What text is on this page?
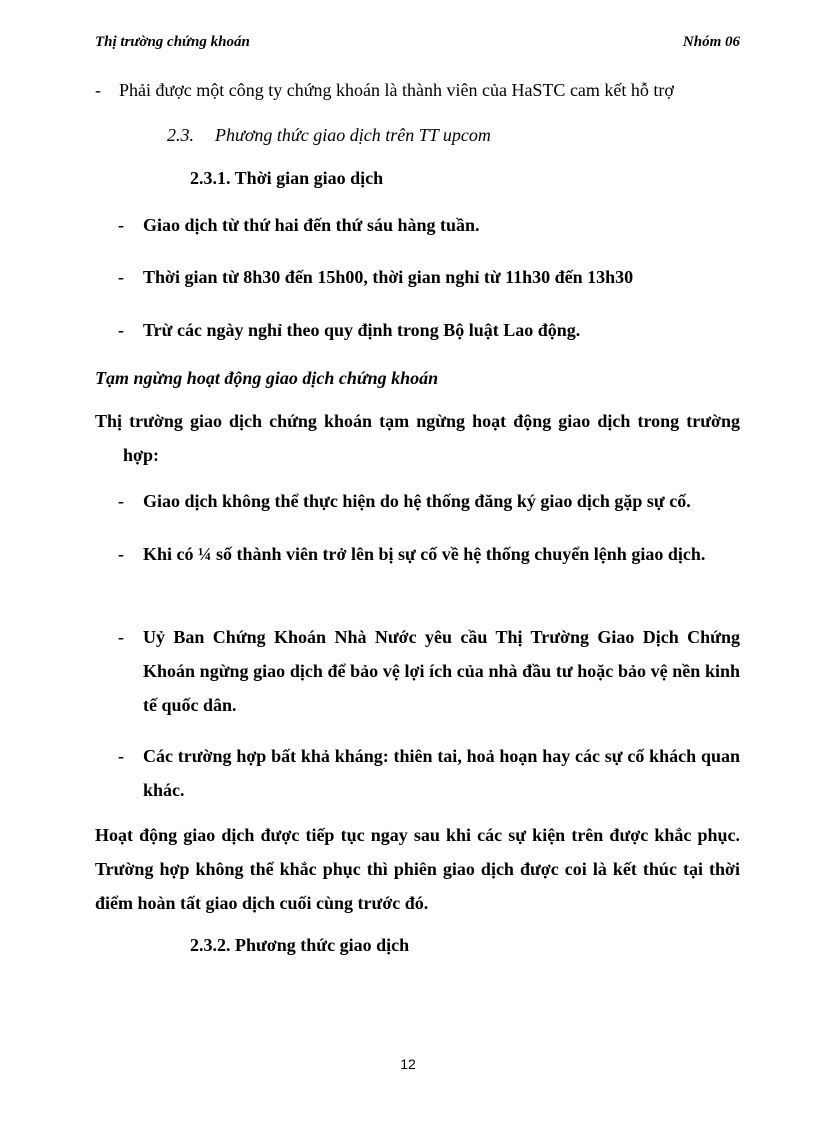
Thị trường chứng khoán	Nhóm 06
- Phải được một công ty chứng khoán là thành viên của HaSTC cam kết hỗ trợ
2.3. Phương thức giao dịch trên TT upcom
2.3.1. Thời gian giao dịch
- Giao dịch từ thứ hai đến thứ sáu hàng tuần.
- Thời gian từ 8h30 đến 15h00, thời gian nghỉ từ 11h30 đến 13h30
- Trừ các ngày nghỉ theo quy định trong Bộ luật Lao động.
Tạm ngừng hoạt động giao dịch chứng khoán
Thị trường giao dịch chứng khoán tạm ngừng hoạt động giao dịch trong trường hợp:
- Giao dịch không thể thực hiện do hệ thống đăng ký giao dịch gặp sự cố.
- Khi có ¼ số thành viên trở lên bị sự cố về hệ thống chuyển lệnh giao dịch.
- Uỷ Ban Chứng Khoán Nhà Nước yêu cầu Thị Trường Giao Dịch Chứng Khoán ngừng giao dịch để bảo vệ lợi ích của nhà đầu tư hoặc bảo vệ nền kinh tế quốc dân.
- Các trường hợp bất khả kháng: thiên tai, hoả hoạn hay các sự cố khách quan khác.
Hoạt động giao dịch được tiếp tục ngay sau khi các sự kiện trên được khắc phục. Trường hợp không thể khắc phục thì phiên giao dịch được coi là kết thúc tại thời điểm hoàn tất giao dịch cuối cùng trước đó.
2.3.2. Phương thức giao dịch
12
